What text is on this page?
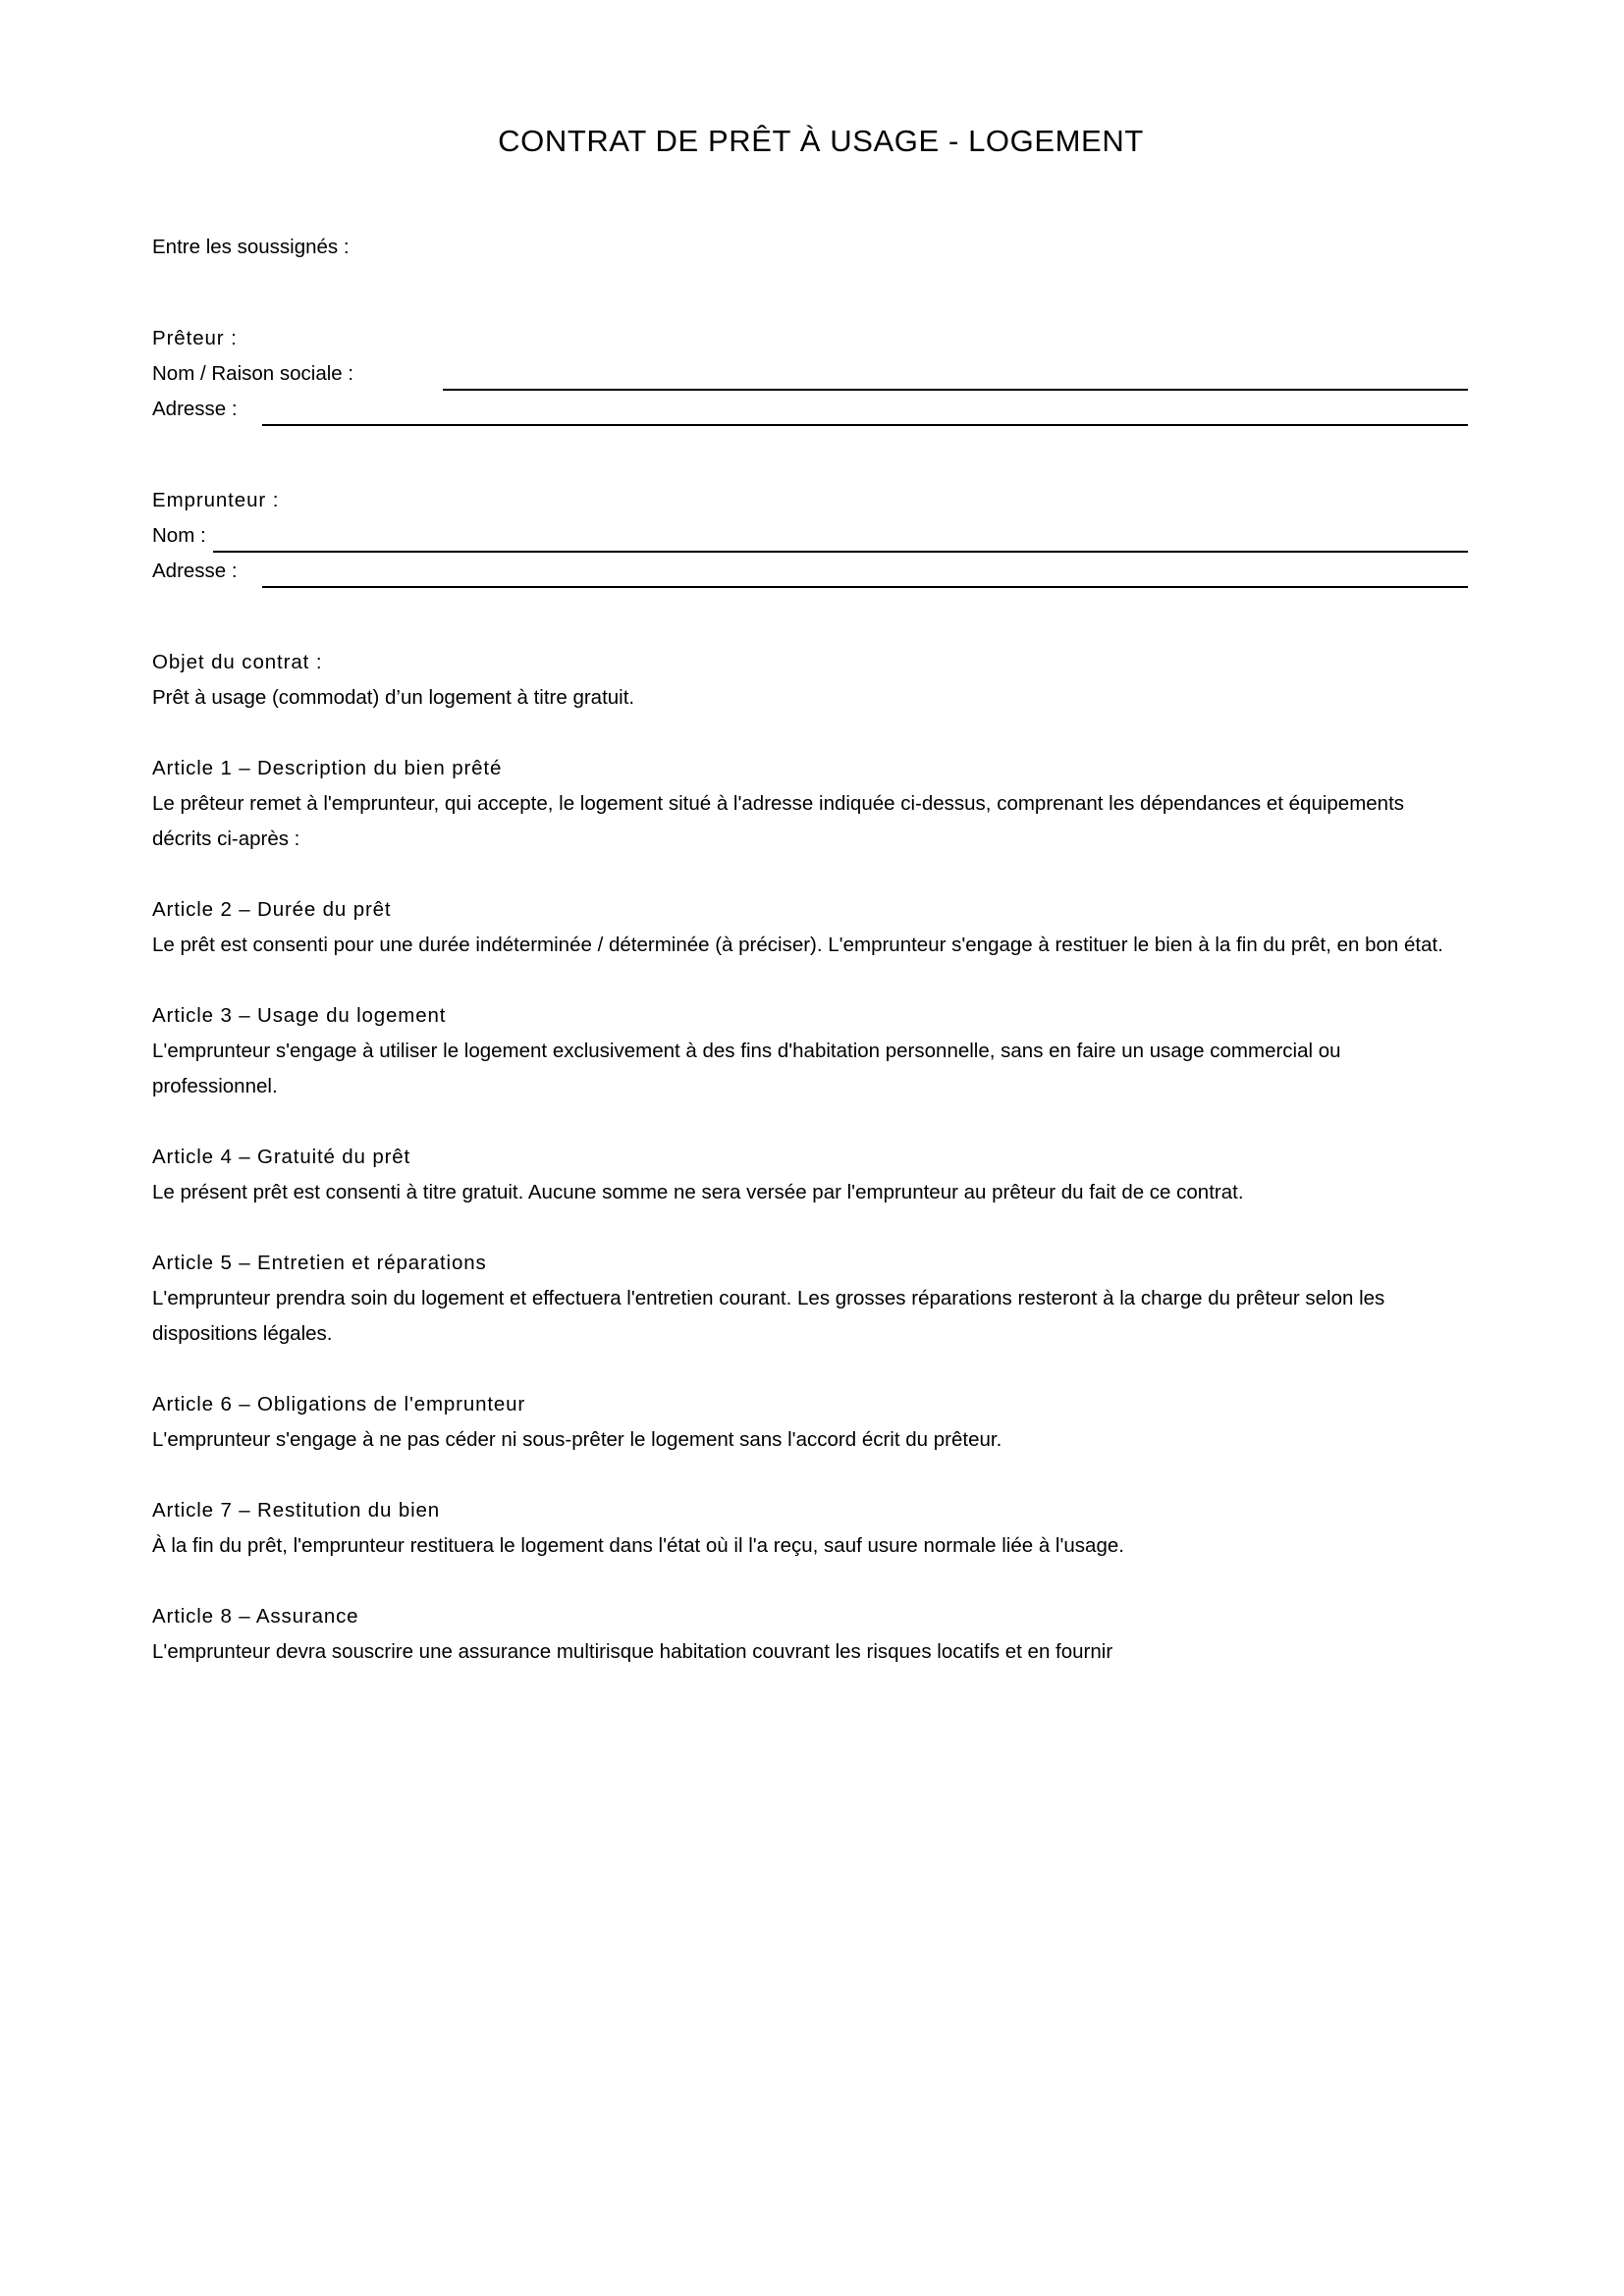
CONTRAT DE PRÊT À USAGE - LOGEMENT

Entre les soussignés :

Prêteur :

Nom / Raison sociale :
Adresse :

Emprunteur :

Nom :
Adresse :

Objet du contrat :

Prêt à usage (commodat) d’un logement à titre gratuit.

Article 1 – Description du bien prêté

Le prêteur remet à l'emprunteur, qui accepte, le logement situé à l'adresse indiquée ci-dessus, comprenant les dépendances et équipements décrits ci-après :

Article 2 – Durée du prêt

Le prêt est consenti pour une durée indéterminée / déterminée (à préciser). L'emprunteur s'engage à restituer le bien à la fin du prêt, en bon état.

Article 3 – Usage du logement

L'emprunteur s'engage à utiliser le logement exclusivement à des fins d'habitation personnelle, sans en faire un usage commercial ou professionnel.

Article 4 – Gratuité du prêt

Le présent prêt est consenti à titre gratuit. Aucune somme ne sera versée par l'emprunteur au prêteur du fait de ce contrat.

Article 5 – Entretien et réparations

L'emprunteur prendra soin du logement et effectuera l'entretien courant. Les grosses réparations resteront à la charge du prêteur selon les dispositions légales.

Article 6 – Obligations de l'emprunteur

L'emprunteur s'engage à ne pas céder ni sous-prêter le logement sans l'accord écrit du prêteur.

Article 7 – Restitution du bien

À la fin du prêt, l'emprunteur restituera le logement dans l'état où il l'a reçu, sauf usure normale liée à l'usage.

Article 8 – Assurance

L'emprunteur devra souscrire une assurance multirisque habitation couvrant les risques locatifs et en fournir
